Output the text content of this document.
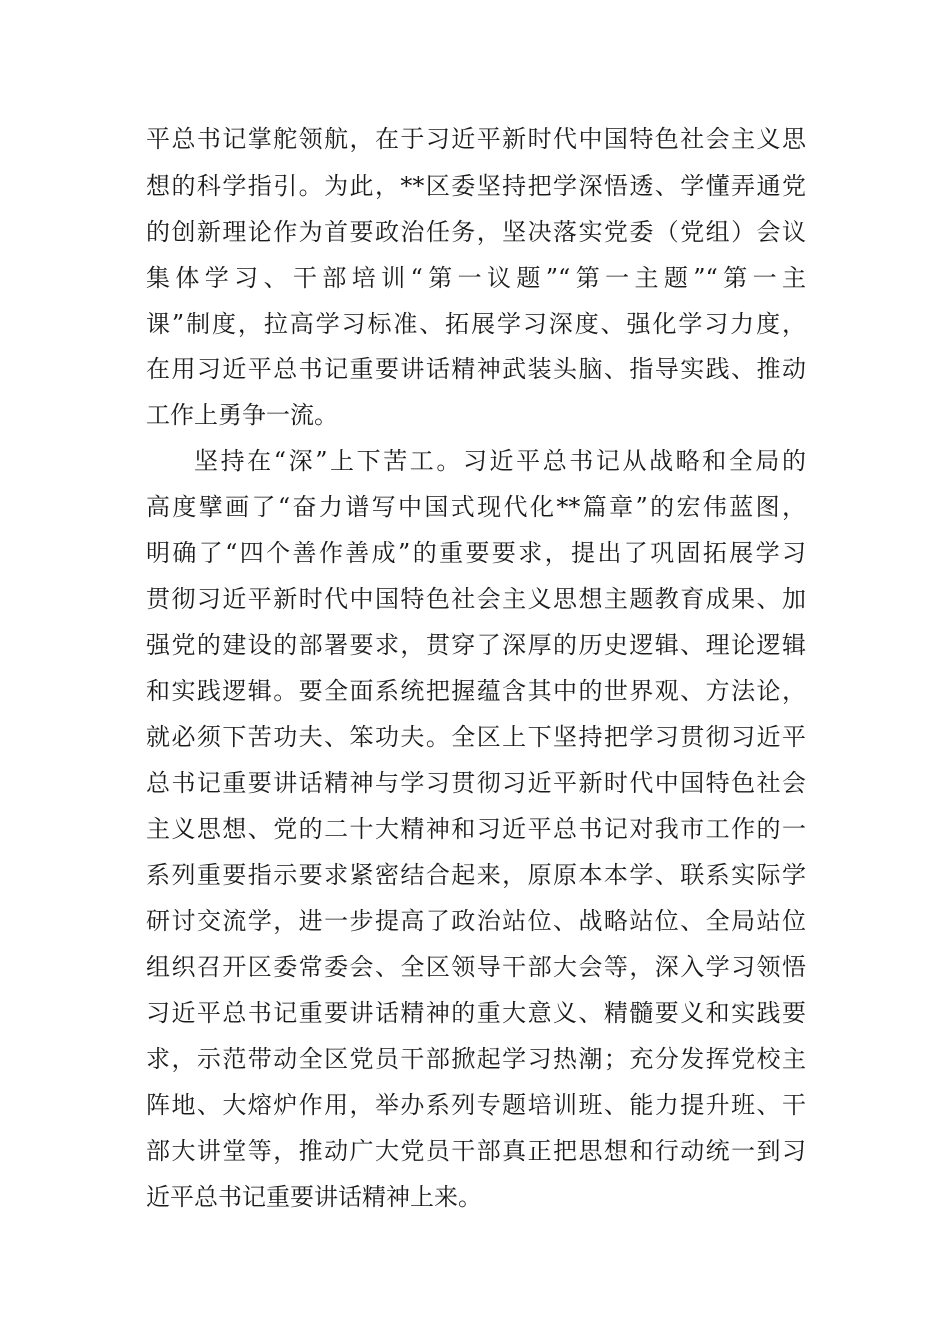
平总书记掌舵领航，在于习近平新时代中国特色社会主义思
想的科学指引。为此，**区委坚持把学深悟透、学懂弄通党
的创新理论作为首要政治任务，坚决落实党委（党组）会议
集体学习、干部培训“第一议题”“第一主题”“第一主
课”制度，拉高学习标准、拓展学习深度、强化学习力度，
在用习近平总书记重要讲话精神武装头脑、指导实践、推动
工作上勇争一流。
坚持在“深”上下苦工。习近平总书记从战略和全局的
高度擘画了“奋力谱写中国式现代化**篇章”的宏伟蓝图，
明确了“四个善作善成”的重要要求，提出了巩固拓展学习
贯彻习近平新时代中国特色社会主义思想主题教育成果、加
强党的建设的部署要求，贯穿了深厚的历史逻辑、理论逻辑
和实践逻辑。要全面系统把握蕴含其中的世界观、方法论，
就必须下苦功夫、笨功夫。全区上下坚持把学习贯彻习近平
总书记重要讲话精神与学习贯彻习近平新时代中国特色社会
主义思想、党的二十大精神和习近平总书记对我市工作的一
系列重要指示要求紧密结合起来，原原本本学、联系实际学
研讨交流学，进一步提高了政治站位、战略站位、全局站位
组织召开区委常委会、全区领导干部大会等，深入学习领悟
习近平总书记重要讲话精神的重大意义、精髓要义和实践要
求，示范带动全区党员干部掀起学习热潮；充分发挥党校主
阵地、大熔炉作用，举办系列专题培训班、能力提升班、干
部大讲堂等，推动广大党员干部真正把思想和行动统一到习
近平总书记重要讲话精神上来。
